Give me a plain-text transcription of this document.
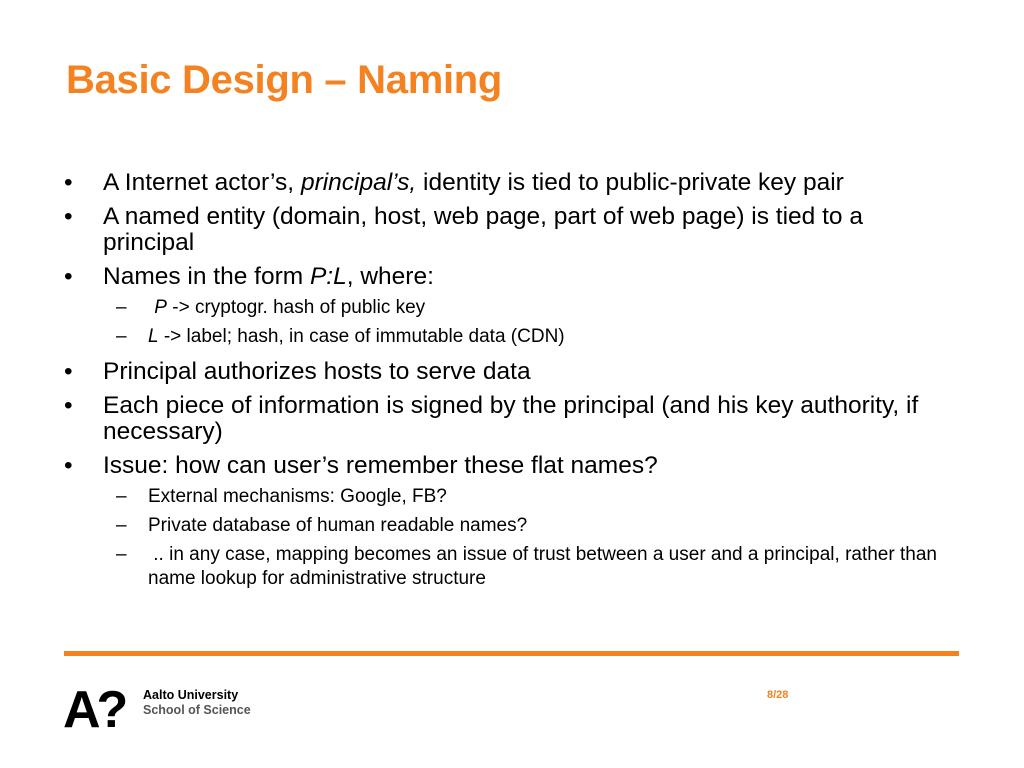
Basic Design – Naming
• A Internet actor’s, principal’s, identity is tied to public-private key pair
• A named entity (domain, host, web page, part of web page) is tied to a principal
• Names in the form P:L, where:
– P -> cryptogr. hash of public key
– L -> label; hash, in case of immutable data (CDN)
• Principal authorizes hosts to serve data
• Each piece of information is signed by the principal (and his key authority, if necessary)
• Issue: how can user’s remember these flat names?
– External mechanisms: Google, FB?
– Private database of human readable names?
– .. in any case, mapping becomes an issue of trust between a user and a principal, rather than name lookup for administrative structure
A? Aalto University
School of Science
8/28
